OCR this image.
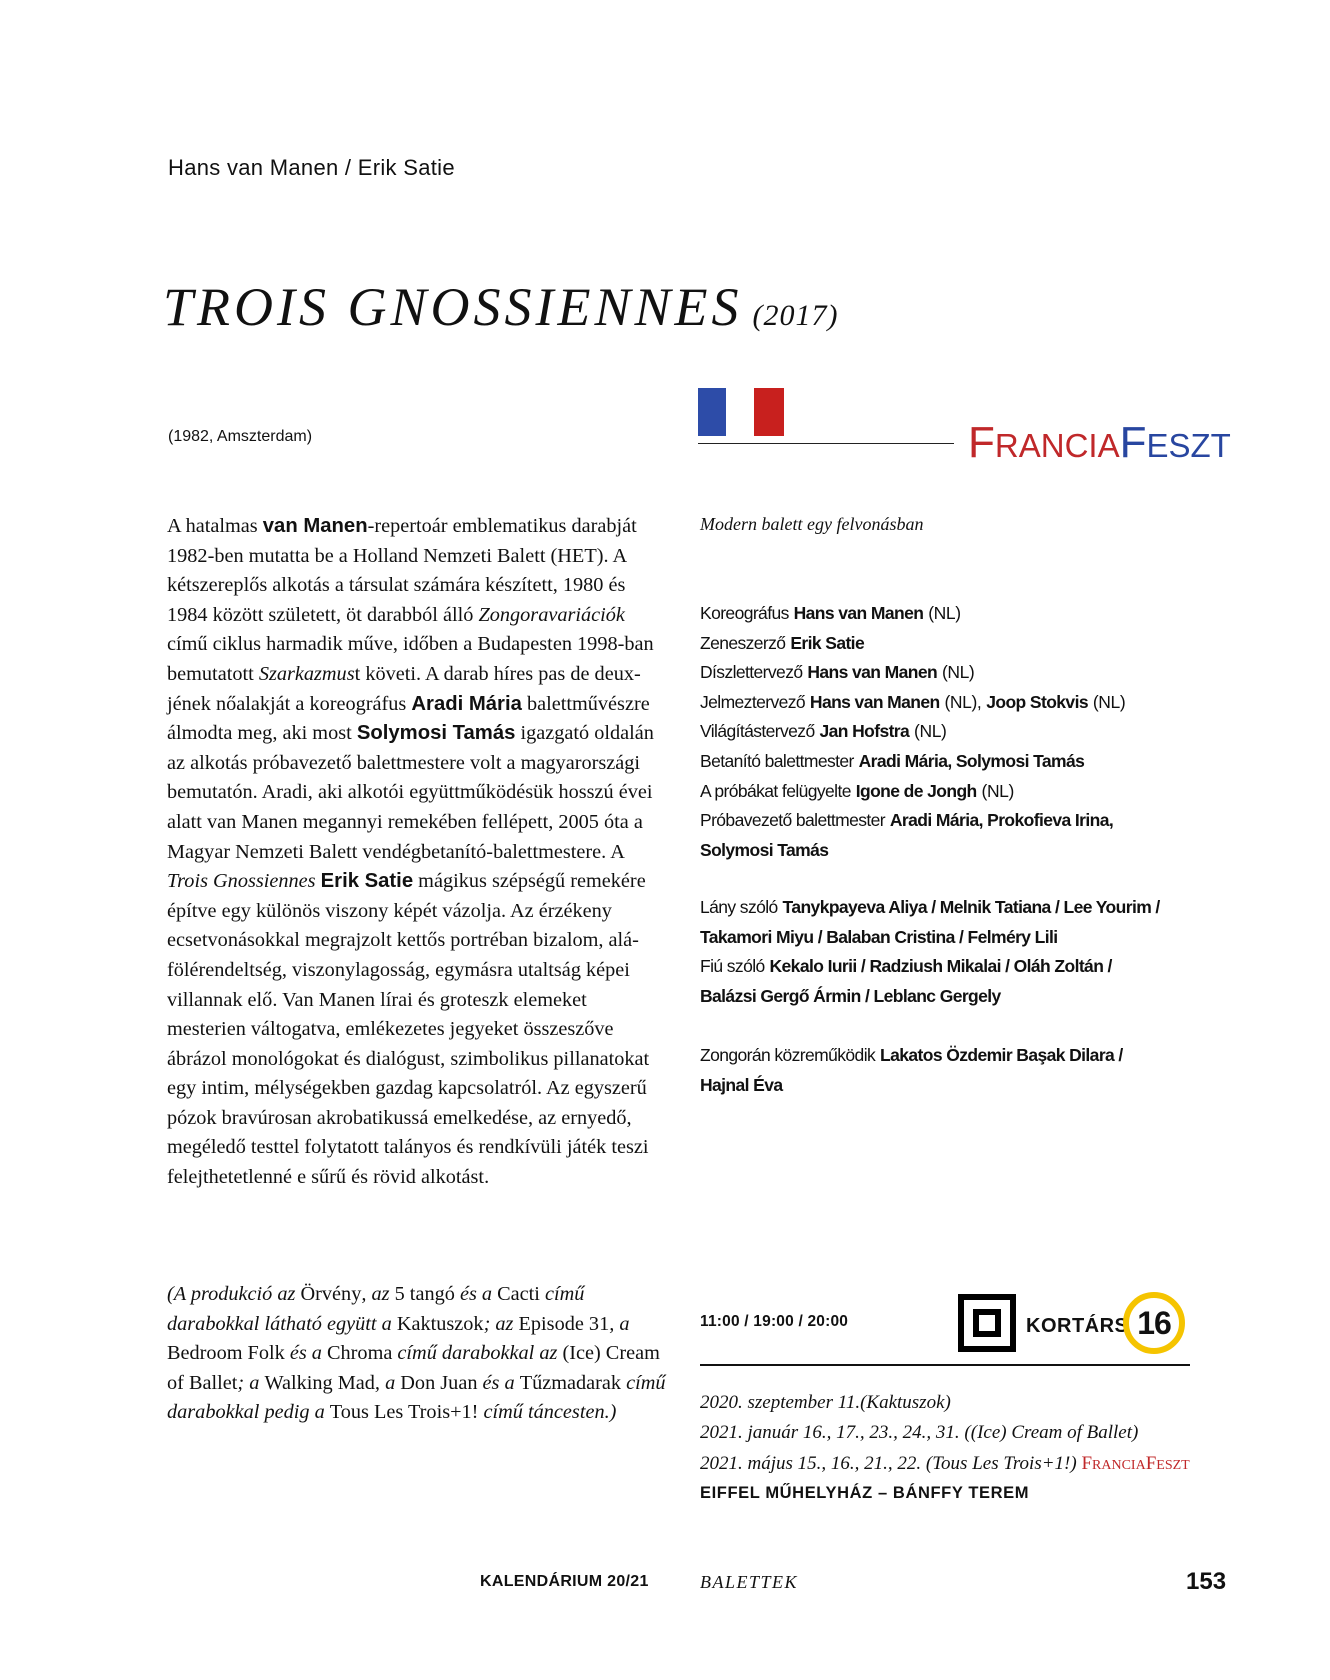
Hans van Manen / Erik Satie
TROIS GNOSSIENNES (2017)
(1982, Amszterdam)	FRANCIAFESZT

A hatalmas van Manen-repertoár emblematikus darabját 1982-ben mutatta be a Holland Nemzeti Balett (HET). A kétszereplős alkotás a társulat számára készített, 1980 és 1984 között született, öt darabból álló Zongoravariációk című ciklus harmadik műve, időben a Budapesten 1998-ban bemutatott Szarkazmust követi. A darab híres pas de deux-jének nőalakját a koreográfus Aradi Mária balettművészre álmodta meg, aki most Solymosi Tamás igazgató oldalán az alkotás próbavezető balettmestere volt a magyarországi bemutatón. Aradi, aki alkotói együttműködésük hosszú évei alatt van Manen megannyi remekében fellépett, 2005 óta a Magyar Nemzeti Balett vendégbetanító-balettmestere. A Trois Gnossiennes Erik Satie mágikus szépségű remekére építve egy különös viszony képét vázolja. Az érzékeny ecsetvonásokkal megrajzolt kettős portréban bizalom, alá-fölérendeltség, viszonylagosság, egymásra utaltság képei villannak elő. Van Manen lírai és groteszk elemeket mesterien váltogatva, emlékezetes jegyeket összeszőve ábrázol monológokat és dialógust, szimbolikus pillanatokat egy intim, mélységekben gazdag kapcsolatról. Az egyszerű pózok bravúrosan akrobatikussá emelkedése, az ernyedő, megéledő testtel folytatott talányos és rendkívüli játék teszi felejthetetlenné e sűrű és rövid alkotást.

(A produkció az Örvény, az 5 tangó és a Cacti című darabokkal látható együtt a Kaktuszok; az Episode 31, a Bedroom Folk és a Chroma című darabokkal az (Ice) Cream of Ballet; a Walking Mad, a Don Juan és a Tűzmadarak című darabokkal pedig a Tous Les Trois+1! című táncesten.)

Modern balett egy felvonásban
Koreográfus Hans van Manen (NL)
Zeneszerző Erik Satie
Díszlettervező Hans van Manen (NL)
Jelmeztervező Hans van Manen (NL), Joop Stokvis (NL)
Világítástervező Jan Hofstra (NL)
Betanító balettmester Aradi Mária, Solymosi Tamás
A próbákat felügyelte Igone de Jongh (NL)
Próbavezető balettmester Aradi Mária, Prokofieva Irina,
Solymosi Tamás
Lány szóló Tanykpayeva Aliya / Melnik Tatiana / Lee Yourim /
Takamori Miyu / Balaban Cristina / Felméry Lili
Fiú szóló Kekalo Iurii / Radziush Mikalai / Oláh Zoltán /
Balázsi Gergő Ármin / Leblanc Gergely
Zongorán közreműködik Lakatos Özdemir Başak Dilara /
Hajnal Éva
11:00 / 19:00 / 20:00	KORTÁRS 16
2020. szeptember 11.(Kaktuszok)
2021. január 16., 17., 23., 24., 31. ((Ice) Cream of Ballet)
2021. május 15., 16., 21., 22. (Tous Les Trois+1!) FRANCIAFESZT
EIFFEL MŰHELYHÁZ – BÁNFFY TEREM
KALENDÁRIUM 20/21	BALETTEK	153
